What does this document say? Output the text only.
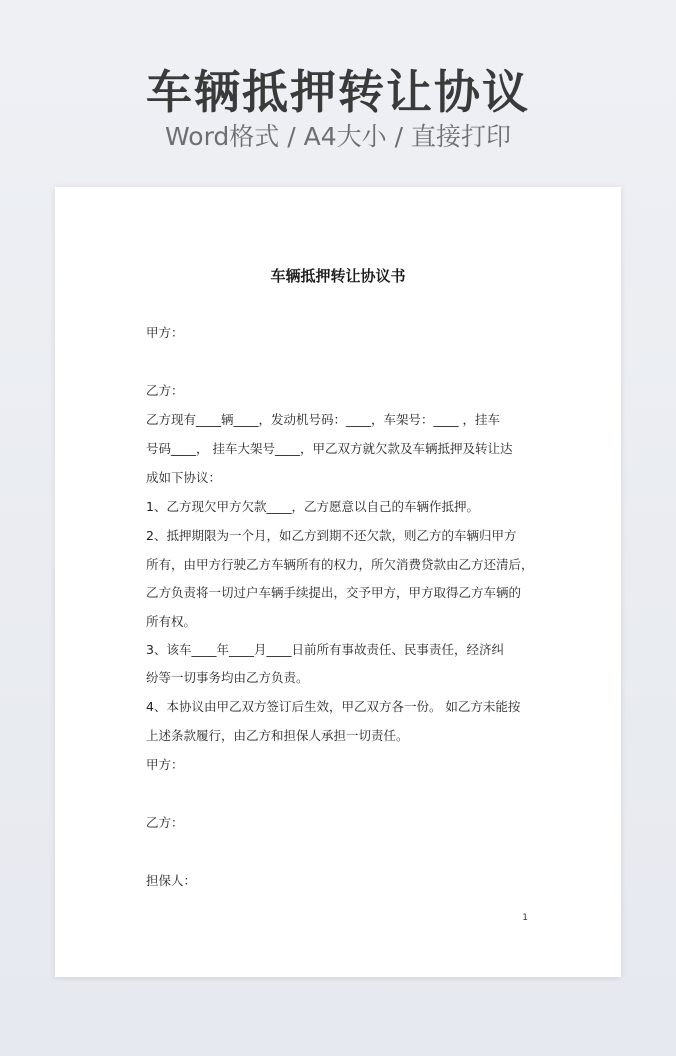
车辆抵押转让协议
Word格式 / A4大小 / 直接打印
车辆抵押转让协议书
甲方：
乙方：
乙方现有____辆____，发动机号码：____，车架号：____ ，挂车
号码____， 挂车大架号____，甲乙双方就欠款及车辆抵押及转让达
成如下协议：
1、乙方现欠甲方欠款____，乙方愿意以自己的车辆作抵押。
2、抵押期限为一个月，如乙方到期不还欠款，则乙方的车辆归甲方
所有，由甲方行驶乙方车辆所有的权力，所欠消费贷款由乙方还清后，
乙方负责将一切过户车辆手续提出，交予甲方，甲方取得乙方车辆的
所有权。
3、该车____年____月____日前所有事故责任、民事责任，经济纠
纷等一切事务均由乙方负责。
4、本协议由甲乙双方签订后生效，甲乙双方各一份。 如乙方未能按
上述条款履行，由乙方和担保人承担一切责任。
甲方：
乙方：
担保人：
1
